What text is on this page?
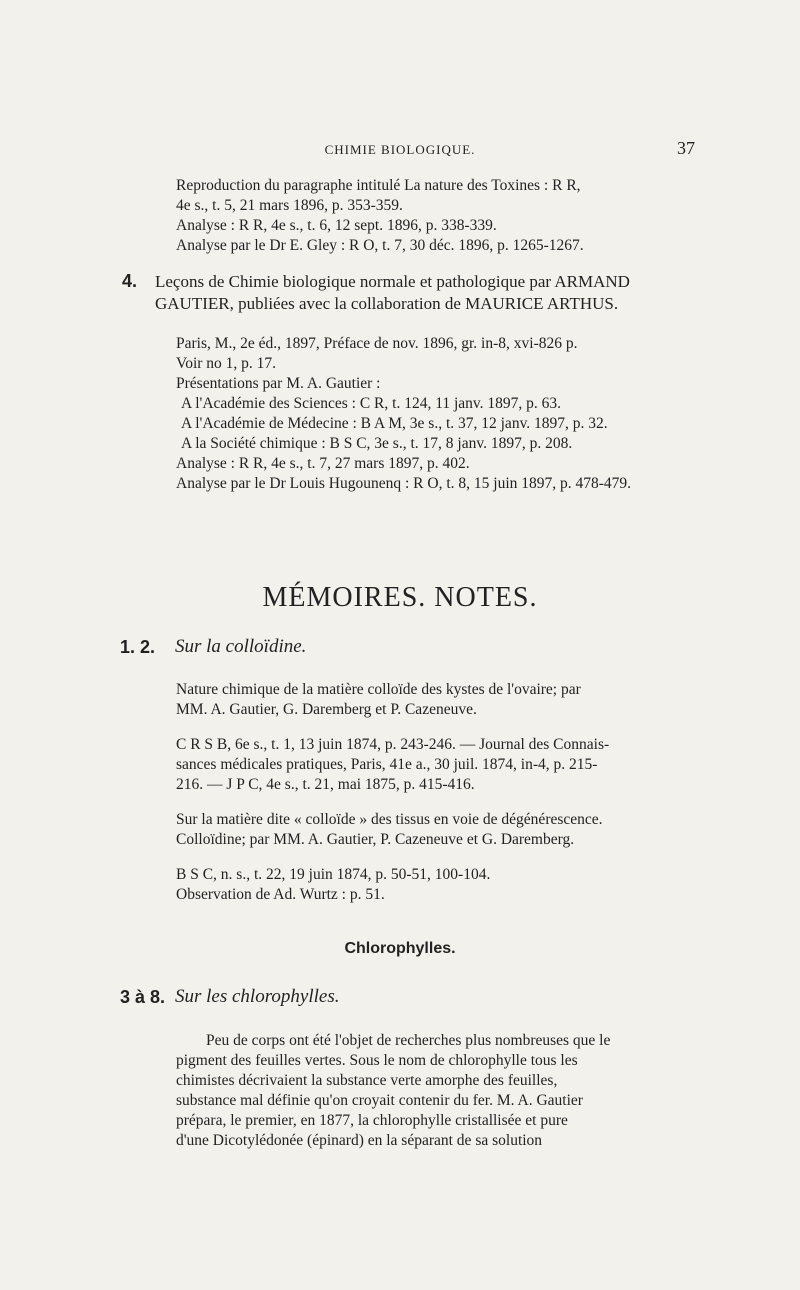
CHIMIE BIOLOGIQUE.	37
Reproduction du paragraphe intitulé La nature des Toxines : R R,
4e s., t. 5, 21 mars 1896, p. 353-359.
Analyse : R R, 4e s., t. 6, 12 sept. 1896, p. 338-339.
Analyse par le Dr E. Gley : R O, t. 7, 30 déc. 1896, p. 1265-1267.
4. Leçons de Chimie biologique normale et pathologique par ARMAND
GAUTIER, publiées avec la collaboration de MAURICE ARTHUS.
Paris, M., 2e éd., 1897, Préface de nov. 1896, gr. in-8, xvi-826 p.
Voir no 1, p. 17.
Présentations par M. A. Gautier :
A l'Académie des Sciences : C R, t. 124, 11 janv. 1897, p. 63.
A l'Académie de Médecine : B A M, 3e s., t. 37, 12 janv. 1897, p. 32.
A la Société chimique : B S C, 3e s., t. 17, 8 janv. 1897, p. 208.
Analyse : R R, 4e s., t. 7, 27 mars 1897, p. 402.
Analyse par le Dr Louis Hugounenq : R O, t. 8, 15 juin 1897, p. 478-479.
MÉMOIRES. NOTES.
1. 2. Sur la colloïdine.
Nature chimique de la matière colloïde des kystes de l'ovaire; par
MM. A. Gautier, G. Daremberg et P. Cazeneuve.
C R S B, 6e s., t. 1, 13 juin 1874, p. 243-246. — Journal des Connais-
sances médicales pratiques, Paris, 41e a., 30 juil. 1874, in-4, p. 215-
216. — J P C, 4e s., t. 21, mai 1875, p. 415-416.
Sur la matière dite « colloïde » des tissus en voie de dégénérescence.
Colloïdine; par MM. A. Gautier, P. Cazeneuve et G. Daremberg.
B S C, n. s., t. 22, 19 juin 1874, p. 50-51, 100-104.
Observation de Ad. Wurtz : p. 51.
Chlorophylles.
3 à 8. Sur les chlorophylles.
Peu de corps ont été l'objet de recherches plus nombreuses que le
pigment des feuilles vertes. Sous le nom de chlorophylle tous les
chimistes décrivaient la substance verte amorphe des feuilles,
substance mal définie qu'on croyait contenir du fer. M. A. Gautier
prépara, le premier, en 1877, la chlorophylle cristallisée et pure
d'une Dicotylédonée (épinard) en la séparant de sa solution
